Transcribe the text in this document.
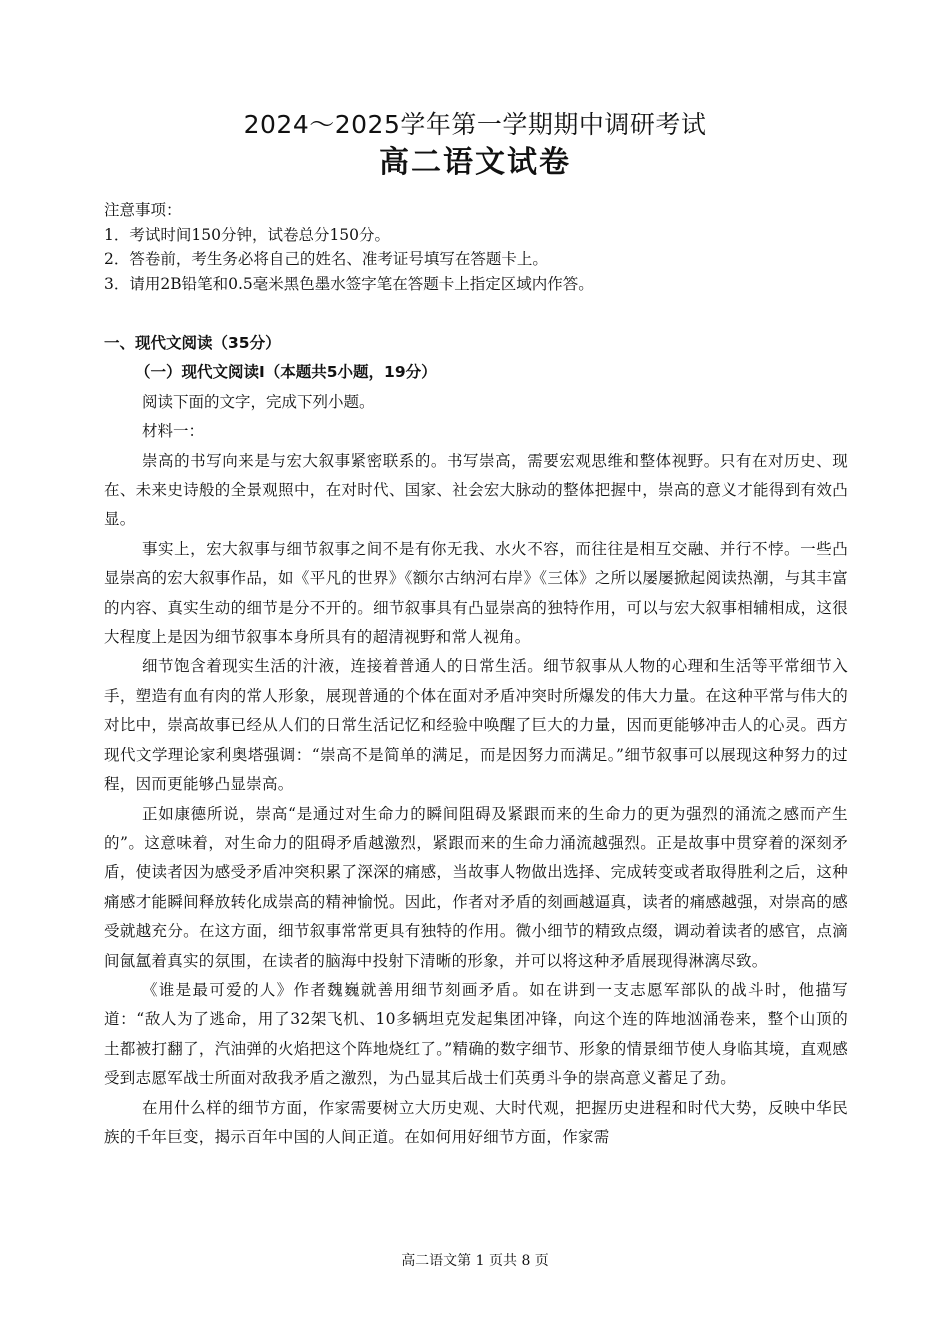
2024～2025学年第一学期期中调研考试
高二语文试卷
注意事项：
1．考试时间150分钟，试卷总分150分。
2．答卷前，考生务必将自己的姓名、准考证号填写在答题卡上。
3．请用2B铅笔和0.5毫米黑色墨水签字笔在答题卡上指定区域内作答。
一、现代文阅读（35分）
（一）现代文阅读Ⅰ（本题共5小题，19分）
阅读下面的文字，完成下列小题。
材料一：

崇高的书写向来是与宏大叙事紧密联系的。书写崇高，需要宏观思维和整体视野。只有在对历史、现在、未来史诗般的全景观照中，在对时代、国家、社会宏大脉动的整体把握中，崇高的意义才能得到有效凸显。

事实上，宏大叙事与细节叙事之间不是有你无我、水火不容，而往往是相互交融、并行不悖。一些凸显崇高的宏大叙事作品，如《平凡的世界》《额尔古纳河右岸》《三体》之所以屡屡掀起阅读热潮，与其丰富的内容、真实生动的细节是分不开的。细节叙事具有凸显崇高的独特作用，可以与宏大叙事相辅相成，这很大程度上是因为细节叙事本身所具有的超清视野和常人视角。

细节饱含着现实生活的汁液，连接着普通人的日常生活。细节叙事从人物的心理和生活等平常细节入手，塑造有血有肉的常人形象，展现普通的个体在面对矛盾冲突时所爆发的伟大力量。在这种平常与伟大的对比中，崇高故事已经从人们的日常生活记忆和经验中唤醒了巨大的力量，因而更能够冲击人的心灵。西方现代文学理论家利奥塔强调：“崇高不是简单的满足，而是因努力而满足。”细节叙事可以展现这种努力的过程，因而更能够凸显崇高。

正如康德所说，崇高“是通过对生命力的瞬间阻碍及紧跟而来的生命力的更为强烈的涌流之感而产生的”。这意味着，对生命力的阻碍矛盾越激烈，紧跟而来的生命力涌流越强烈。正是故事中贯穿着的深刻矛盾，使读者因为感受矛盾冲突积累了深深的痛感，当故事人物做出选择、完成转变或者取得胜利之后，这种痛感才能瞬间释放转化成崇高的精神愉悦。因此，作者对矛盾的刻画越逼真，读者的痛感越强，对崇高的感受就越充分。在这方面，细节叙事常常更具有独特的作用。微小细节的精致点缀，调动着读者的感官，点滴间氤氲着真实的氛围，在读者的脑海中投射下清晰的形象，并可以将这种矛盾展现得淋漓尽致。

《谁是最可爱的人》作者魏巍就善用细节刻画矛盾。如在讲到一支志愿军部队的战斗时，他描写道：“敌人为了逃命，用了32架飞机、10多辆坦克发起集团冲锋，向这个连的阵地汹涌卷来，整个山顶的土都被打翻了，汽油弹的火焰把这个阵地烧红了。”精确的数字细节、形象的情景细节使人身临其境，直观感受到志愿军战士所面对敌我矛盾之激烈，为凸显其后战士们英勇斗争的崇高意义蓄足了劲。

在用什么样的细节方面，作家需要树立大历史观、大时代观，把握历史进程和时代大势，反映中华民族的千年巨变，揭示百年中国的人间正道。在如何用好细节方面，作家需

高二语文第 1 页共 8 页
